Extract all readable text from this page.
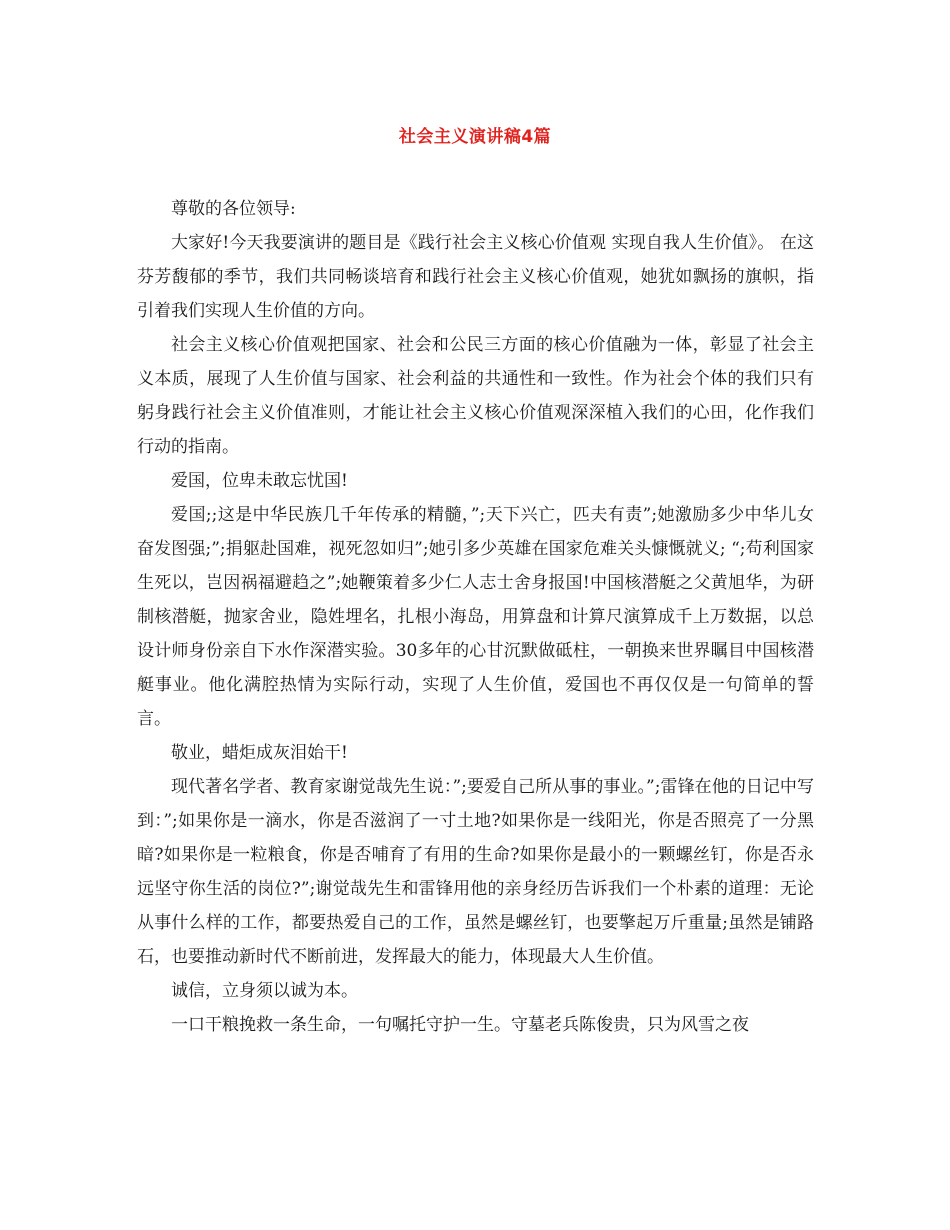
社会主义演讲稿4篇

尊敬的各位领导:

大家好!今天我要演讲的题目是《践行社会主义核心价值观 实现自我人生价值》。 在这芬芳馥郁的季节，我们共同畅谈培育和践行社会主义核心价值观，她犹如飘扬的旗帜，指引着我们实现人生价值的方向。

社会主义核心价值观把国家、社会和公民三方面的核心价值融为一体，彰显了社会主义本质，展现了人生价值与国家、社会利益的共通性和一致性。作为社会个体的我们只有躬身践行社会主义价值准则，才能让社会主义核心价值观深深植入我们的心田，化作我们行动的指南。

爱国，位卑未敢忘忧国!

爱国;;这是中华民族几千年传承的精髓，”;天下兴亡，匹夫有责”;她激励多少中华儿女奋发图强;”;捐躯赴国难，视死忽如归”;她引多少英雄在国家危难关头慷慨就义; “;苟利国家生死以，岂因祸福避趋之”;她鞭策着多少仁人志士舍身报国!中国核潜艇之父黄旭华，为研制核潜艇，抛家舍业，隐姓埋名，扎根小海岛，用算盘和计算尺演算成千上万数据，以总设计师身份亲自下水作深潜实验。30多年的心甘沉默做砥柱，一朝换来世界瞩目中国核潜艇事业。他化满腔热情为实际行动，实现了人生价值，爱国也不再仅仅是一句简单的誓言。

敬业，蜡炬成灰泪始干!

现代著名学者、教育家谢觉哉先生说：”;要爱自己所从事的事业。”;雷锋在他的日记中写到：”;如果你是一滴水，你是否滋润了一寸土地?如果你是一线阳光，你是否照亮了一分黑暗?如果你是一粒粮食，你是否哺育了有用的生命?如果你是最小的一颗螺丝钉，你是否永远坚守你生活的岗位?”;谢觉哉先生和雷锋用他的亲身经历告诉我们一个朴素的道理：无论从事什么样的工作，都要热爱自己的工作，虽然是螺丝钉，也要擎起万斤重量;虽然是铺路石，也要推动新时代不断前进，发挥最大的能力，体现最大人生价值。

诚信，立身须以诚为本。

一口干粮挽救一条生命，一句嘱托守护一生。守墓老兵陈俊贵，只为风雪之夜
